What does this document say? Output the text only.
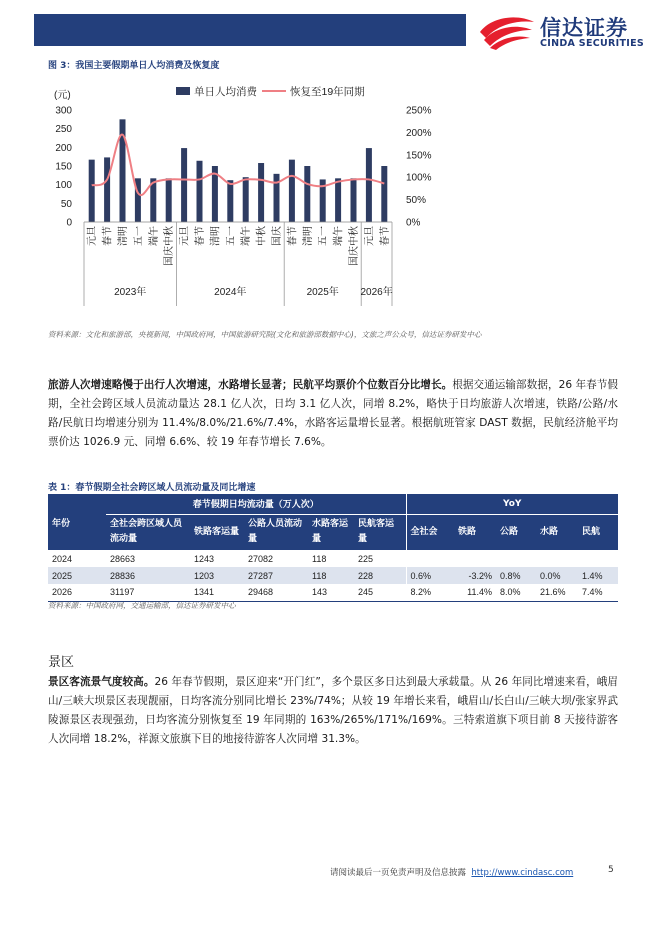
信达证券
CINDA SECURITIES
图 3：我国主要假期单日人均消费及恢复度
(元)	单日人均消费	恢复至19年同期
0
50
100
150
200
250
300
0%
50%
100%
150%
200%
250%
元旦 春节 清明 五一 端午 国庆中秋 元旦 春节 清明 五一 端午 中秋 国庆 春节 清明 五一 端午 国庆中秋 元旦 春节
2023年	2024年	2025年 2026年
资料来源：文化和旅游部，央视新闻，中国政府网，中国旅游研究院(文化和旅游部数据中心)，文旅之声公众号，信达证券研发中心
旅游人次增速略慢于出行人次增速，水路增长显著；民航平均票价个位数百分比增长。根据交通运输部数据，26 年春节假期，全社会跨区域人员流动量达 28.1 亿人次，日均 3.1 亿人次，同增 8.2%，略快于日均旅游人次增速，铁路/公路/水路/民航日均增速分别为 11.4%/8.0%/21.6%/7.4%，水路客运量增长显著。根据航班管家 DAST 数据，民航经济舱平均票价达 1026.9 元、同增 6.6%、较 19 年春节增长 7.6%。
表 1：春节假期全社会跨区域人员流动量及同比增速
年份	春节假期日均流动量（万人次）					YoY				
	全社会跨区域人员流动量	铁路客运量	公路人员流动量	水路客运量	民航客运量	全社会	铁路	公路	水路	民航
2024	28663	1243	27082	118	225					
2025	28836	1203	27287	118	228	0.6%	-3.2%	0.8%	0.0%	1.4%
2026	31197	1341	29468	143	245	8.2%	11.4%	8.0%	21.6%	7.4%
资料来源：中国政府网，交通运输部，信达证券研发中心
景区
景区客流景气度较高。26 年春节假期，景区迎来“开门红”，多个景区多日达到最大承载量。从 26 年同比增速来看，峨眉山/三峡大坝景区表现靓丽，日均客流分别同比增长 23%/74%；从较 19 年增长来看，峨眉山/长白山/三峡大坝/张家界武陵源景区表现强劲，日均客流分别恢复至 19 年同期的 163%/265%/171%/169%。三特索道旗下项目前 8 天接待游客人次同增 18.2%，祥源文旅旗下目的地接待游客人次同增 31.3%。
请阅读最后一页免责声明及信息披露 http://www.cindasc.com	5
